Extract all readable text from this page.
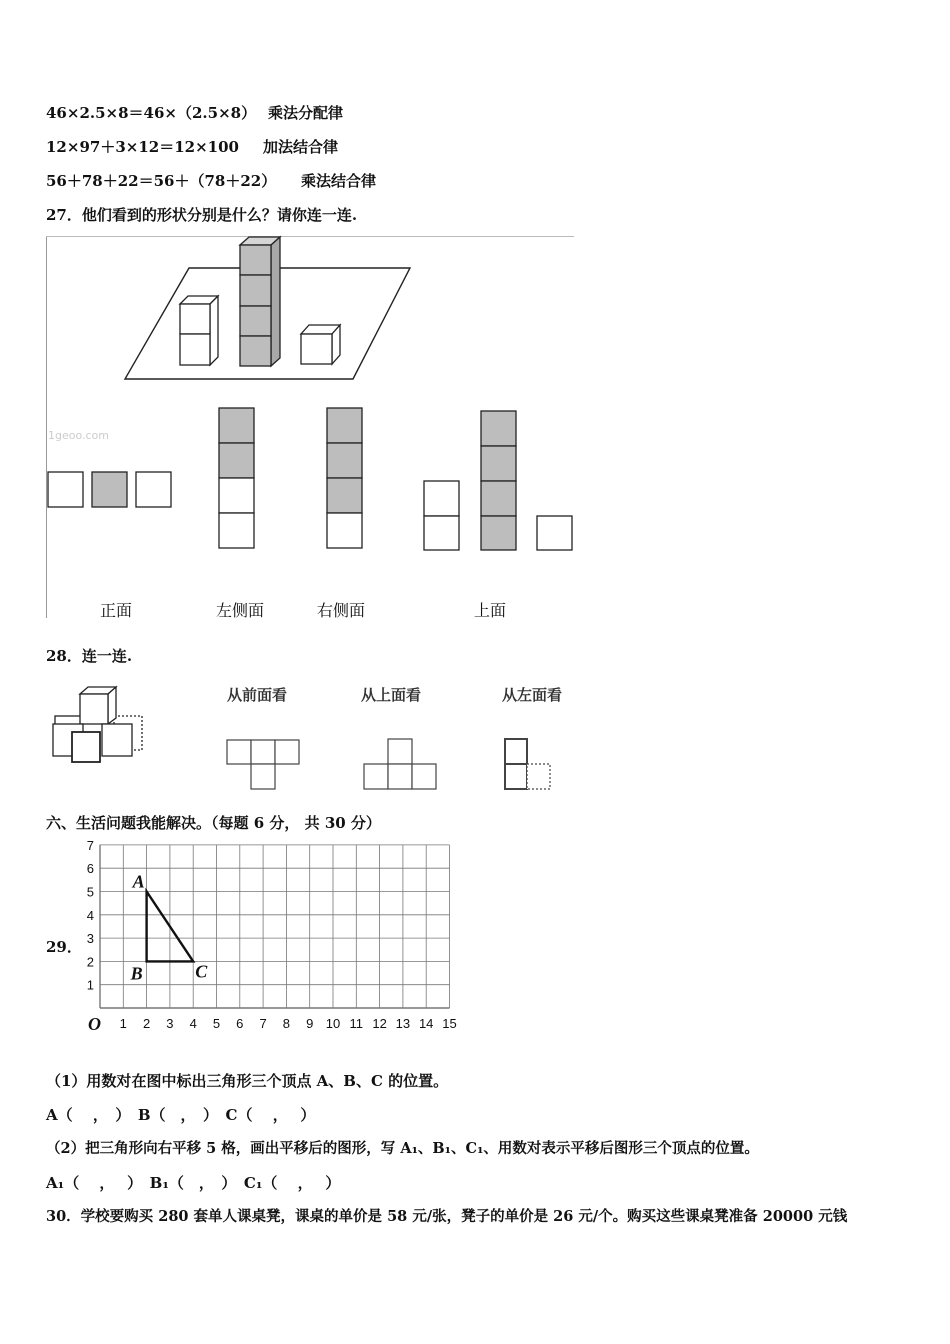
46×2.5×8＝46×（2.5×8） 乘法分配律
12×97＋3×12＝12×100 加法结合律
56＋78＋22＝56＋（78＋22） 乘法结合律
27．他们看到的形状分别是什么？请你连一连.
1geoo.com
正面	左侧面	右侧面	上面
28．连一连.
从前面看	从上面看	从左面看
六、生活问题我能解决。（每题 6 分， 共 30 分）
29．
1 2 3 4 5 6 7 8 9 10 11 12 13 14 15
1
2
3
4
5
6
7
O
A
B	C
（1）用数对在图中标出三角形三个顶点 A、B、C 的位置。
A（　 ，　）　B（　，　）　C（　 ，　 ）
（2）把三角形向右平移 5 格，画出平移后的图形，写 A₁、B₁、C₁、用数对表示平移后图形三个顶点的位置。
A₁（　 ，　 ）　B₁（　，　）　C₁（　 ，　 ）
30．学校要购买 280 套单人课桌凳，课桌的单价是 58 元/张，凳子的单价是 26 元/个。购买这些课桌凳准备 20000 元钱
